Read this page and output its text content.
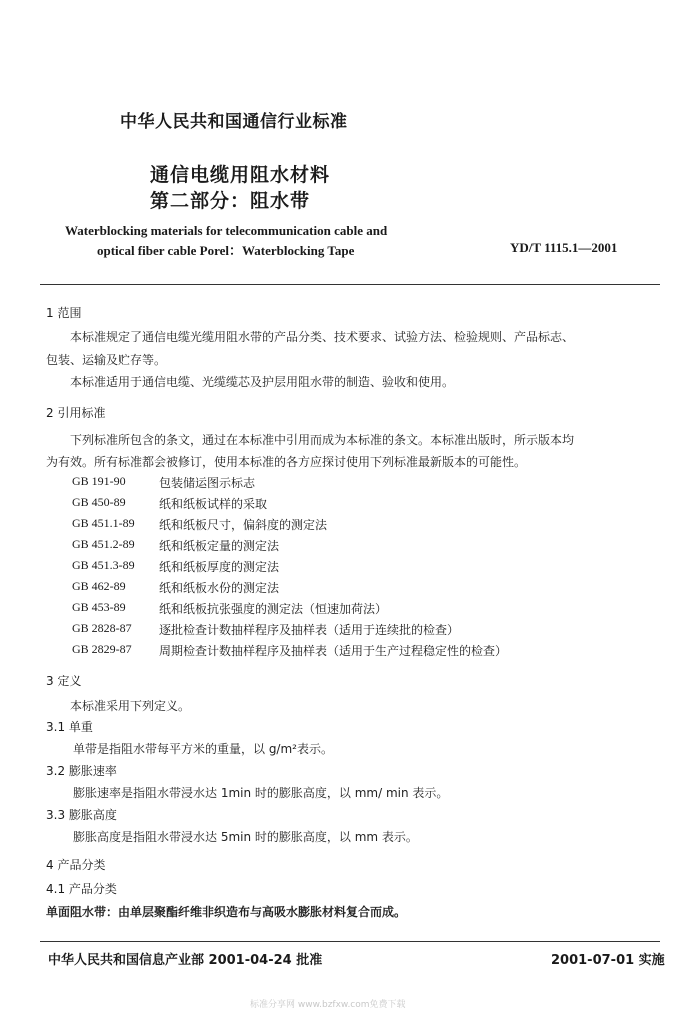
中华人民共和国通信行业标准
通信电缆用阻水材料
第二部分：阻水带
Waterblocking materials for telecommunication cable and
optical fiber cable Porel：Waterblocking Tape	YD/T 1115.1—2001
1 范围
本标准规定了通信电缆光缆用阻水带的产品分类、技术要求、试验方法、检验规则、产品标志、
包装、运输及贮存等。
本标准适用于通信电缆、光缆缆芯及护层用阻水带的制造、验收和使用。
2 引用标准
下列标准所包含的条文，通过在本标准中引用而成为本标准的条文。本标准出版时，所示版本均
为有效。所有标准都会被修订，使用本标准的各方应探讨使用下列标准最新版本的可能性。
GB 191-90	包装储运图示标志
GB 450-89	纸和纸板试样的采取
GB 451.1-89 纸和纸板尺寸，偏斜度的测定法
GB 451.2-89 纸和纸板定量的测定法
GB 451.3-89 纸和纸板厚度的测定法
GB 462-89	纸和纸板水份的测定法
GB 453-89	纸和纸板抗张强度的测定法（恒速加荷法）
GB 2828-87 逐批检查计数抽样程序及抽样表（适用于连续批的检查）
GB 2829-87 周期检查计数抽样程序及抽样表（适用于生产过程稳定性的检查）
3 定义
本标准采用下列定义。
3.1 单重
单带是指阻水带每平方米的重量，以 g/m²表示。
3.2 膨胀速率
膨胀速率是指阻水带浸水达 1min 时的膨胀高度，以 mm/ min 表示。
3.3 膨胀高度
膨胀高度是指阻水带浸水达 5min 时的膨胀高度，以 mm 表示。
4 产品分类
4.1 产品分类
单面阻水带：由单层聚酯纤维非织造布与高吸水膨胀材料复合而成。
中华人民共和国信息产业部 2001-04-24 批准	2001-07-01 实施
标准分享网 www.bzfxw.com免费下载
